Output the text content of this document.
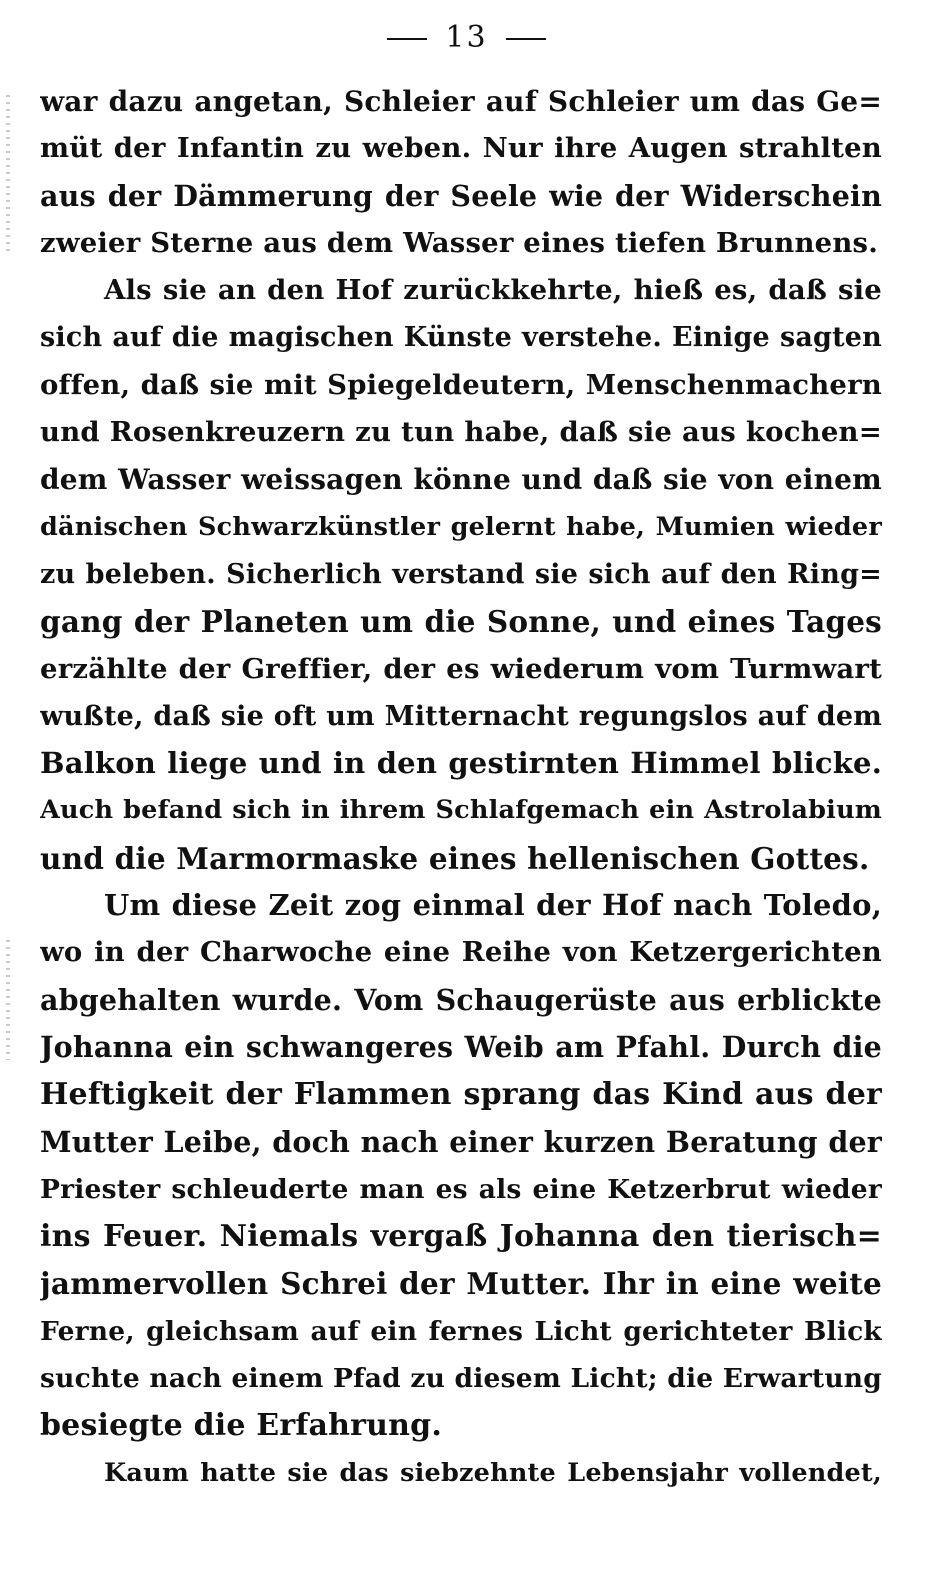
13
war dazu angetan, Schleier auf Schleier um das Ge=
müt der Infantin zu weben. Nur ihre Augen strahlten
aus der Dämmerung der Seele wie der Widerschein
zweier Sterne aus dem Wasser eines tiefen Brunnens.
Als sie an den Hof zurückkehrte, hieß es, daß sie
sich auf die magischen Künste verstehe. Einige sagten
offen, daß sie mit Spiegeldeutern, Menschenmachern
und Rosenkreuzern zu tun habe, daß sie aus kochen=
dem Wasser weissagen könne und daß sie von einem
dänischen Schwarzkünstler gelernt habe, Mumien wieder
zu beleben. Sicherlich verstand sie sich auf den Ring=
gang der Planeten um die Sonne, und eines Tages
erzählte der Greffier, der es wiederum vom Turmwart
wußte, daß sie oft um Mitternacht regungslos auf dem
Balkon liege und in den gestirnten Himmel blicke.
Auch befand sich in ihrem Schlafgemach ein Astrolabium
und die Marmormaske eines hellenischen Gottes.
Um diese Zeit zog einmal der Hof nach Toledo,
wo in der Charwoche eine Reihe von Ketzergerichten
abgehalten wurde. Vom Schaugerüste aus erblickte
Johanna ein schwangeres Weib am Pfahl. Durch die
Heftigkeit der Flammen sprang das Kind aus der
Mutter Leibe, doch nach einer kurzen Beratung der
Priester schleuderte man es als eine Ketzerbrut wieder
ins Feuer. Niemals vergaß Johanna den tierisch=
jammervollen Schrei der Mutter. Ihr in eine weite
Ferne, gleichsam auf ein fernes Licht gerichteter Blick
suchte nach einem Pfad zu diesem Licht; die Erwartung
besiegte die Erfahrung.
Kaum hatte sie das siebzehnte Lebensjahr vollendet,
